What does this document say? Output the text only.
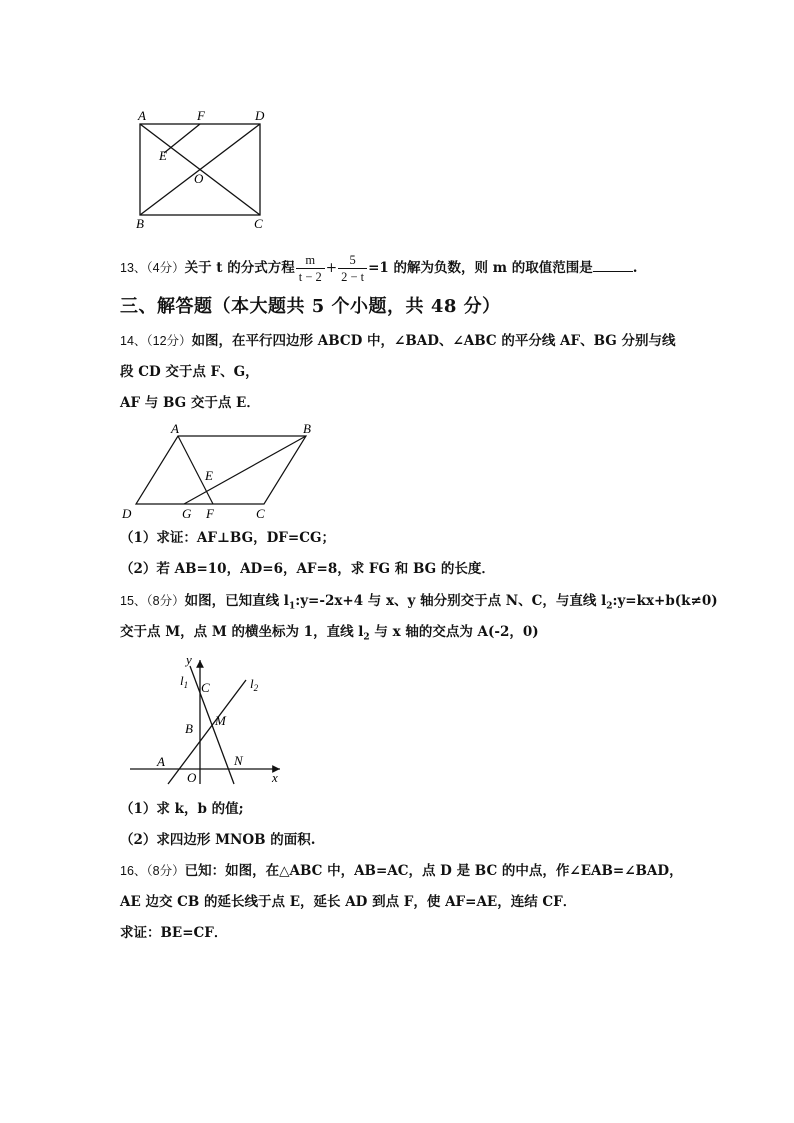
A	F	D
E
O
B	C
13、（4分）关于 t 的分式方程 $\frac{m}{t - 2} + \frac{5}{2 - t} =1$ 的解为负数，则 m 的取值范围是	.
三、解答题（本大题共 5 个小题，共 48 分）
14、（12分）如图，在平行四边形 ABCD 中，∠BAD、∠ABC 的平分线 AF、BG 分别与线
段 CD 交于点 F、G，
AF 与 BG 交于点 E．
A	B
E
D	G F	C
（1）求证：AF⊥BG，DF=CG；
（2）若 AB=10，AD=6，AF=8，求 FG 和 BG 的长度．
15、（8分）如图，已知直线 $l_1:y=-2x+4$ 与 x、y 轴分别交于点 N、C，与直线 $l_2:y=kx+b(k\ne 0)$
交于点 M，点 M 的横坐标为 1，直线 $l_2$ 与 x 轴的交点为 A(-2，0)
y
$l_1$ C	$l_2$
B
M
A
O
N
x
（1）求 k，b 的值;
（2）求四边形 MNOB 的面积.
16、（8分）已知：如图，在△ABC 中，AB=AC，点 D 是 BC 的中点，作∠EAB=∠BAD，
AE 边交 CB 的延长线于点 E，延长 AD 到点 F，使 AF=AE，连结 CF．
求证：BE=CF．
